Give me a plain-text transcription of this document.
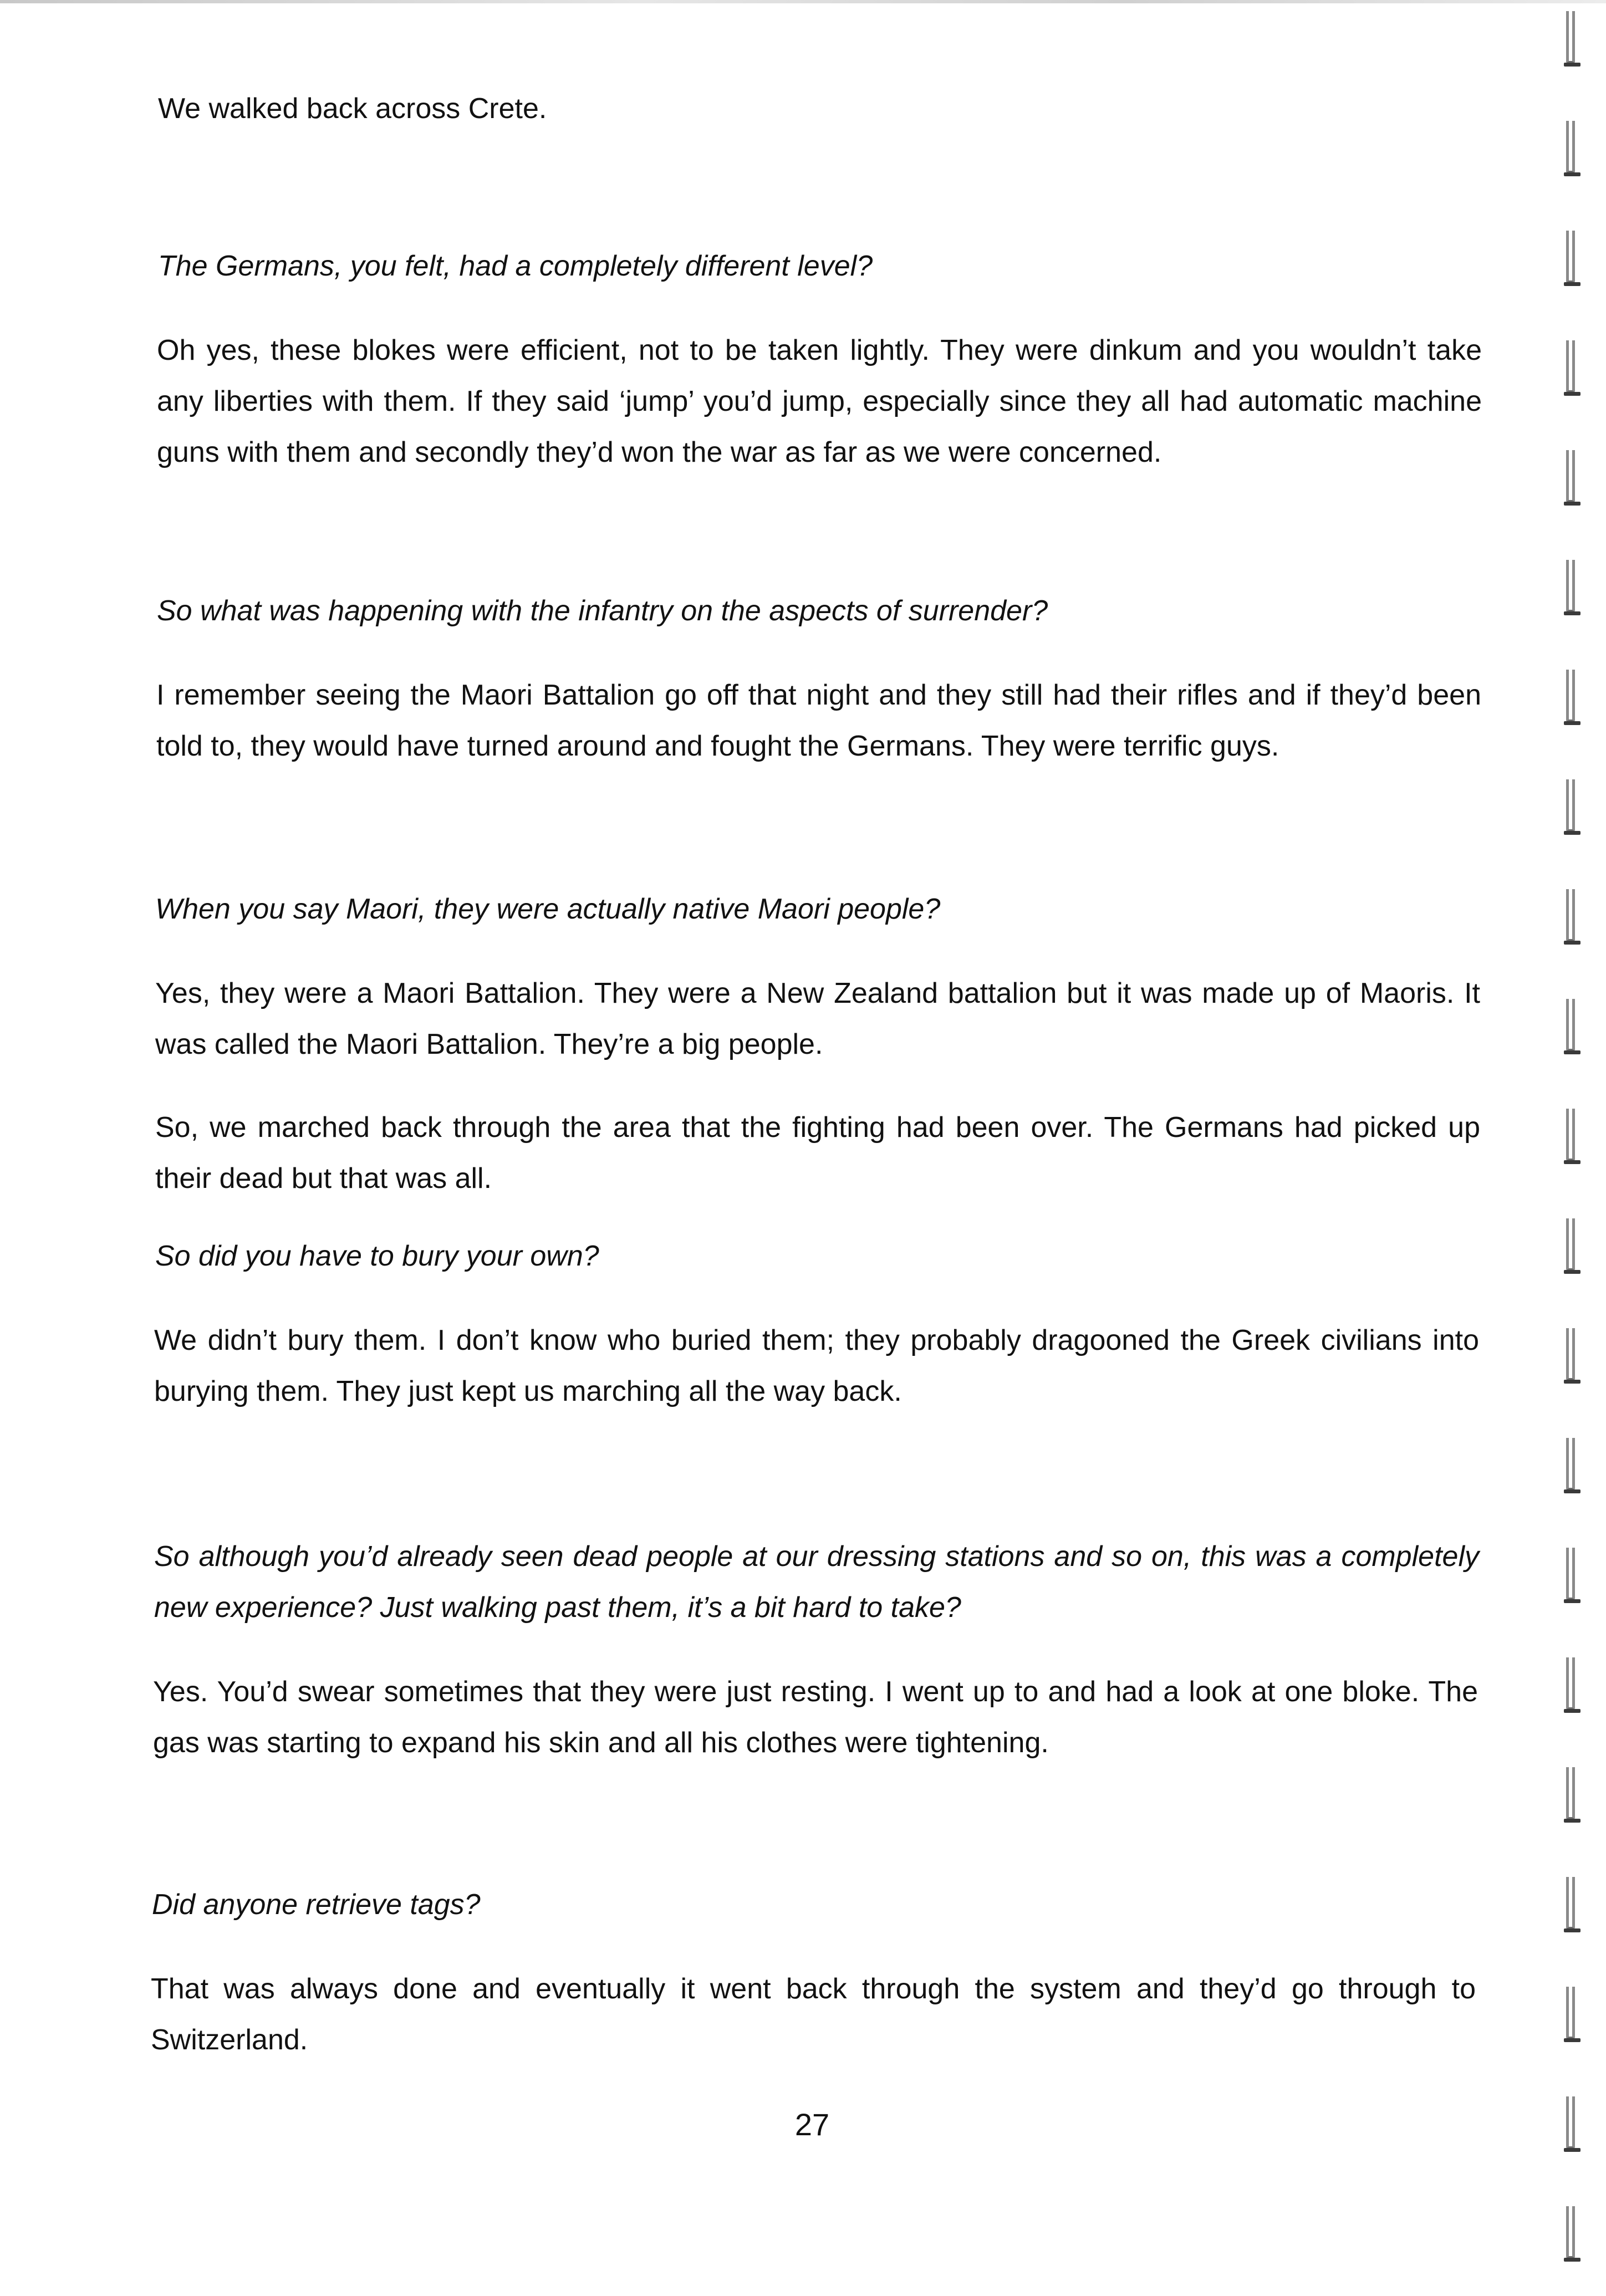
We walked back across Crete.

The Germans, you felt, had a completely different level?

Oh yes, these blokes were efficient, not to be taken lightly. They were dinkum and you wouldn’t take any liberties with them. If they said ‘jump’ you’d jump, especially since they all had automatic machine guns with them and secondly they’d won the war as far as we were concerned.

So what was happening with the infantry on the aspects of surrender?

I remember seeing the Maori Battalion go off that night and they still had their rifles and if they’d been told to, they would have turned around and fought the Germans. They were terrific guys.

When you say Maori, they were actually native Maori people?

Yes, they were a Maori Battalion. They were a New Zealand battalion but it was made up of Maoris. It was called the Maori Battalion. They’re a big people.

So, we marched back through the area that the fighting had been over. The Germans had picked up their dead but that was all.

So did you have to bury your own?

We didn’t bury them. I don’t know who buried them; they probably dragooned the Greek civilians into burying them. They just kept us marching all the way back.

So although you’d already seen dead people at our dressing stations and so on, this was a completely new experience? Just walking past them, it’s a bit hard to take?

Yes. You’d swear sometimes that they were just resting. I went up to and had a look at one bloke. The gas was starting to expand his skin and all his clothes were tightening.

Did anyone retrieve tags?

That was always done and eventually it went back through the system and they’d go through to Switzerland.

27
